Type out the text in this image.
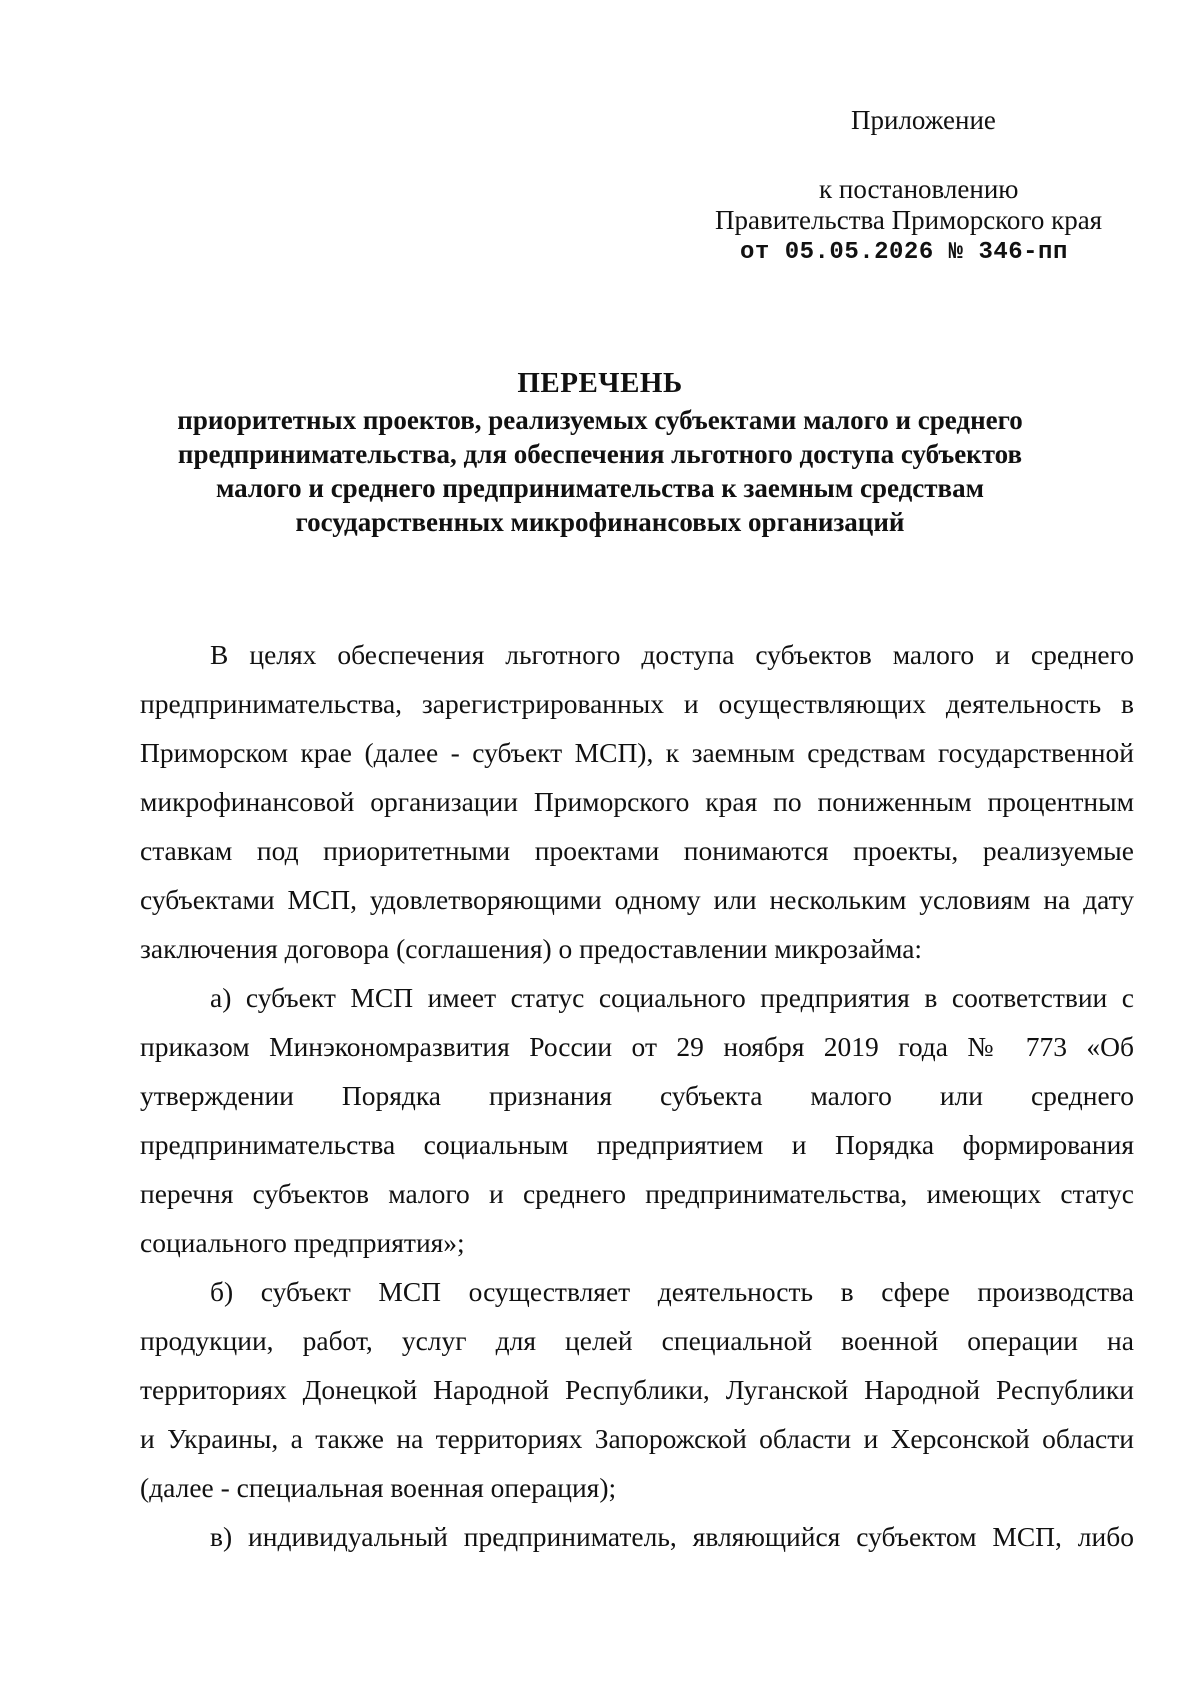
Приложение
к постановлению
Правительства Приморского края
от 05.05.2026 № 346-пп
ПЕРЕЧЕНЬ
приоритетных проектов, реализуемых субъектами малого и среднего
предпринимательства, для обеспечения льготного доступа субъектов
малого и среднего предпринимательства к заемным средствам
государственных микрофинансовых организаций
В целях обеспечения льготного доступа субъектов малого и среднего
предпринимательства, зарегистрированных и осуществляющих деятельность в
Приморском крае (далее - субъект МСП), к заемным средствам государственной
микрофинансовой организации Приморского края по пониженным процентным
ставкам под приоритетными проектами понимаются проекты, реализуемые
субъектами МСП, удовлетворяющими одному или нескольким условиям на дату
заключения договора (соглашения) о предоставлении микрозайма:
а) субъект МСП имеет статус социального предприятия в соответствии с
приказом Минэкономразвития России от 29 ноября 2019 года № 773 «Об
утверждении Порядка признания субъекта малого или среднего
предпринимательства социальным предприятием и Порядка формирования
перечня субъектов малого и среднего предпринимательства, имеющих статус
социального предприятия»;
б) субъект МСП осуществляет деятельность в сфере производства
продукции, работ, услуг для целей специальной военной операции на
территориях Донецкой Народной Республики, Луганской Народной Республики
и Украины, а также на территориях Запорожской области и Херсонской области
(далее - специальная военная операция);
в) индивидуальный предприниматель, являющийся субъектом МСП, либо
